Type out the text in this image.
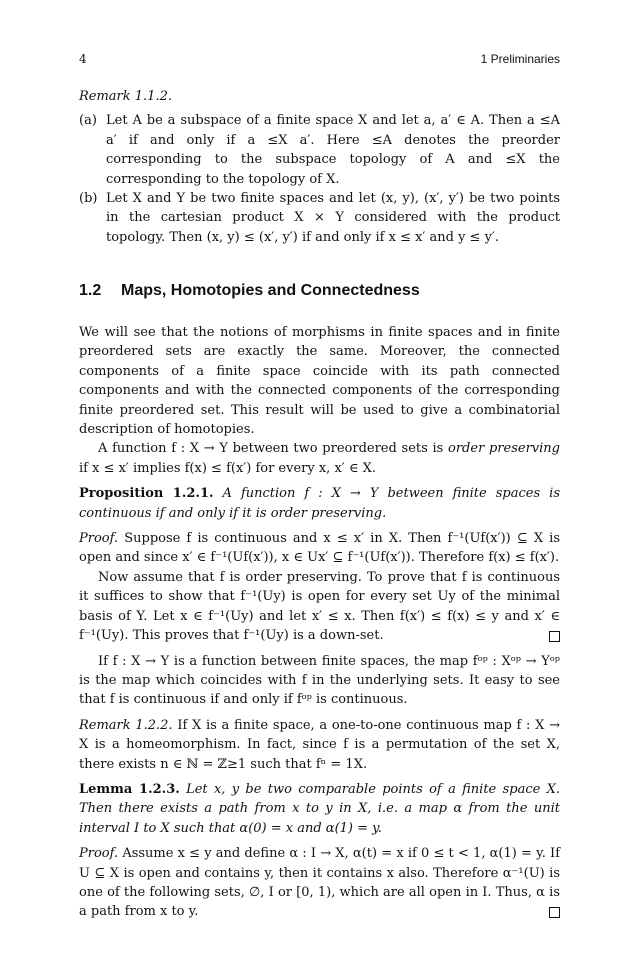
4	1 Preliminaries

Remark 1.1.2.

(a) Let A be a subspace of a finite space X and let a, a′ ∈ A. Then a ≤A a′ if and only if a ≤X a′. Here ≤A denotes the preorder corresponding to the subspace topology of A and ≤X the corresponding to the topology of X.

(b) Let X and Y be two finite spaces and let (x, y), (x′, y′) be two points in the cartesian product X × Y considered with the product topology. Then (x, y) ≤ (x′, y′) if and only if x ≤ x′ and y ≤ y′.

1.2 Maps, Homotopies and Connectedness

We will see that the notions of morphisms in finite spaces and in finite preordered sets are exactly the same. Moreover, the connected components of a finite space coincide with its path connected components and with the connected components of the corresponding finite preordered set. This result will be used to give a combinatorial description of homotopies.

A function f : X → Y between two preordered sets is order preserving if x ≤ x′ implies f(x) ≤ f(x′) for every x, x′ ∈ X.

Proposition 1.2.1. A function f : X → Y between finite spaces is continuous if and only if it is order preserving.

Proof. Suppose f is continuous and x ≤ x′ in X. Then f⁻¹(Uf(x′)) ⊆ X is open and since x′ ∈ f⁻¹(Uf(x′)), x ∈ Ux′ ⊆ f⁻¹(Uf(x′)). Therefore f(x) ≤ f(x′).

Now assume that f is order preserving. To prove that f is continuous it suffices to show that f⁻¹(Uy) is open for every set Uy of the minimal basis of Y. Let x ∈ f⁻¹(Uy) and let x′ ≤ x. Then f(x′) ≤ f(x) ≤ y and x′ ∈ f⁻¹(Uy). This proves that f⁻¹(Uy) is a down-set.

If f : X → Y is a function between finite spaces, the map fᵒᵖ : Xᵒᵖ → Yᵒᵖ is the map which coincides with f in the underlying sets. It easy to see that f is continuous if and only if fᵒᵖ is continuous.

Remark 1.2.2. If X is a finite space, a one-to-one continuous map f : X → X is a homeomorphism. In fact, since f is a permutation of the set X, there exists n ∈ ℕ = ℤ≥1 such that fⁿ = 1X.

Lemma 1.2.3. Let x, y be two comparable points of a finite space X. Then there exists a path from x to y in X, i.e. a map α from the unit interval I to X such that α(0) = x and α(1) = y.

Proof. Assume x ≤ y and define α : I → X, α(t) = x if 0 ≤ t < 1, α(1) = y. If U ⊆ X is open and contains y, then it contains x also. Therefore α⁻¹(U) is one of the following sets, ∅, I or [0, 1), which are all open in I. Thus, α is a path from x to y.
